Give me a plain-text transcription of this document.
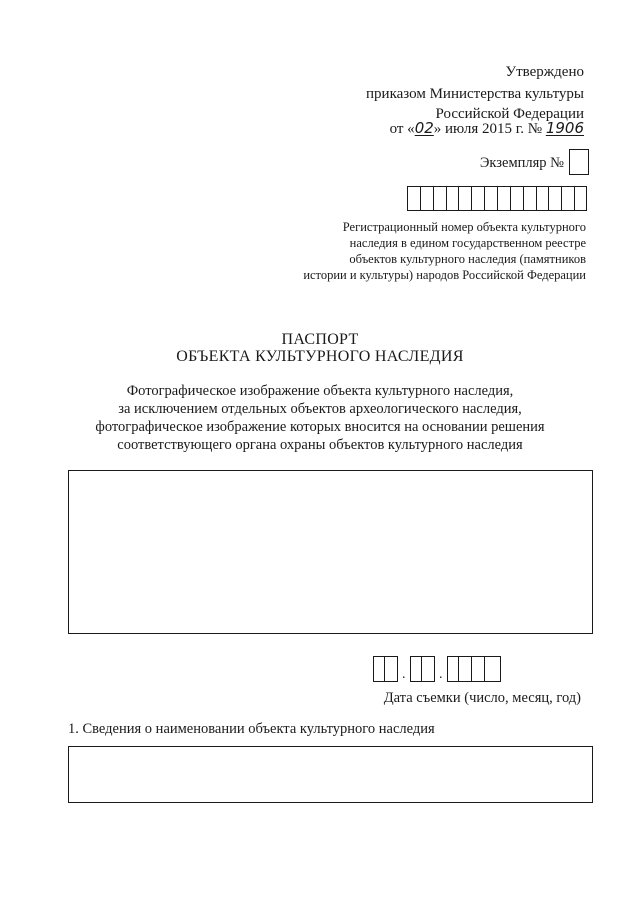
Утверждено
приказом Министерства культуры
Российской Федерации
от «02» июля 2015 г. № 1906
Экземпляр №
Регистрационный номер объекта культурного
наследия в едином государственном реестре
объектов культурного наследия (памятников
истории и культуры) народов Российской Федерации
ПАСПОРТ
ОБЪЕКТА КУЛЬТУРНОГО НАСЛЕДИЯ
Фотографическое изображение объекта культурного наследия,
за исключением отдельных объектов археологического наследия,
фотографическое изображение которых вносится на основании решения
соответствующего органа охраны объектов культурного наследия
. .
Дата съемки (число, месяц, год)
1. Сведения о наименовании объекта культурного наследия
